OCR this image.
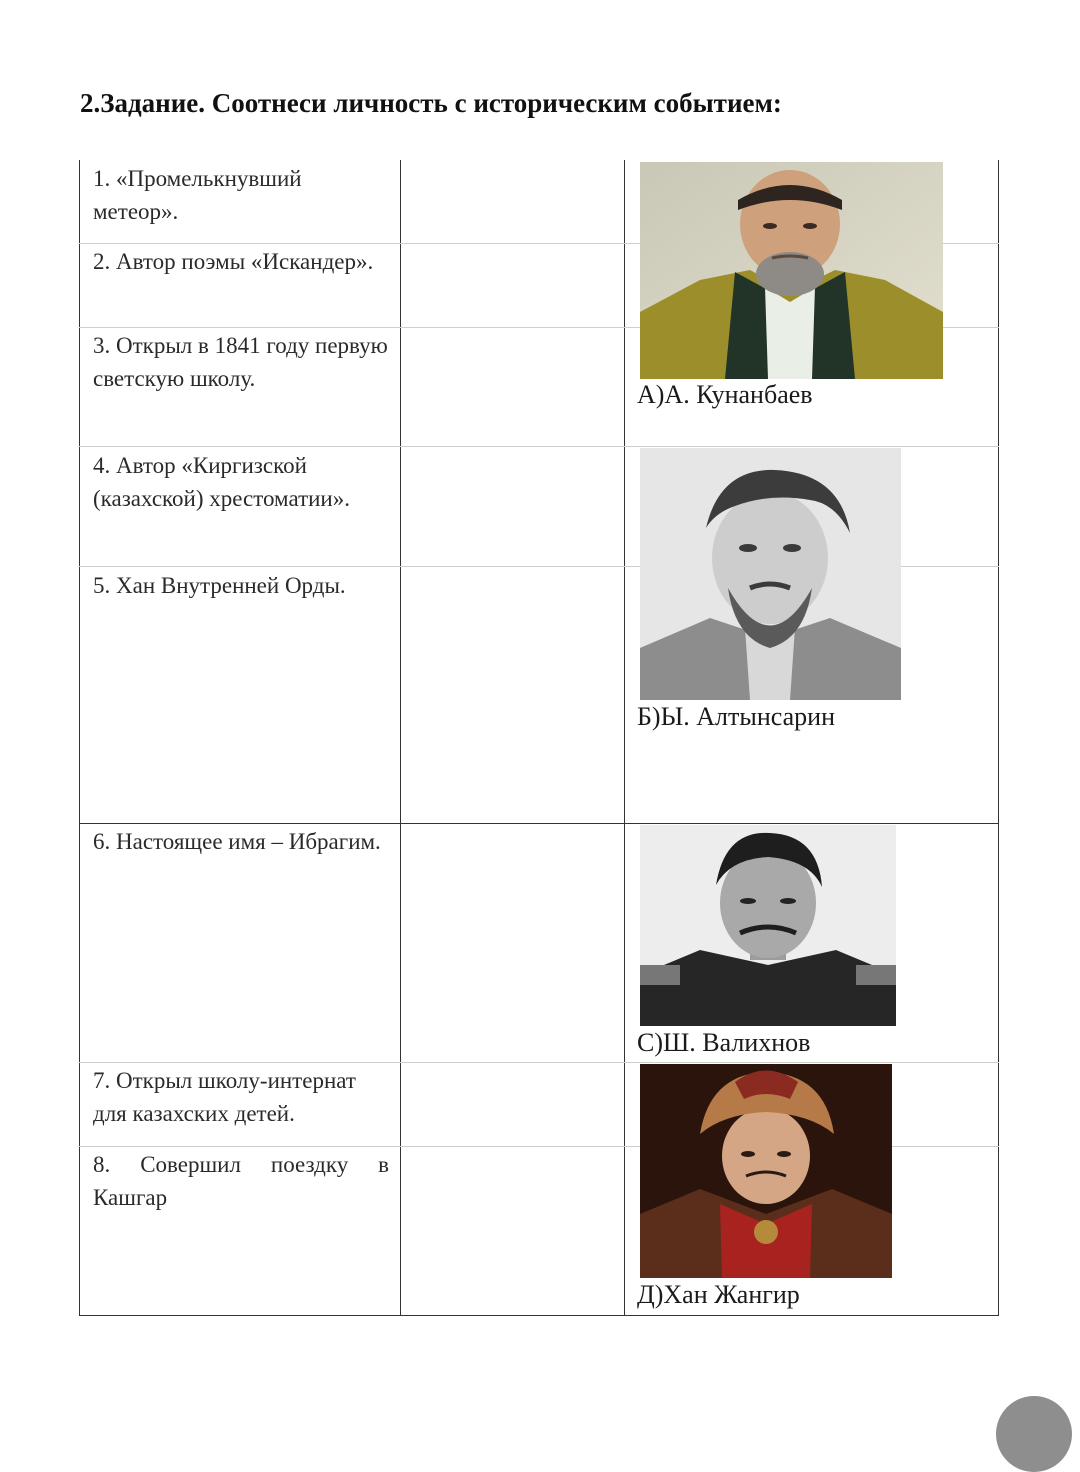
2.Задание. Соотнеси личность с историческим событием:
1. «Промелькнувший метеор».
2. Автор поэмы «Искандер».
3. Открыл в 1841 году первую светскую школу.
4. Автор «Киргизской (казахской) хрестоматии».
5. Хан Внутренней Орды.
6. Настоящее имя – Ибрагим.
7. Открыл школу-интернат для казахских детей.
8. Совершил поездку в Кашгар
А)А. Кунанбаев
Б)Ы. Алтынсарин
С)Ш. Валихнов
Д)Хан Жангир
